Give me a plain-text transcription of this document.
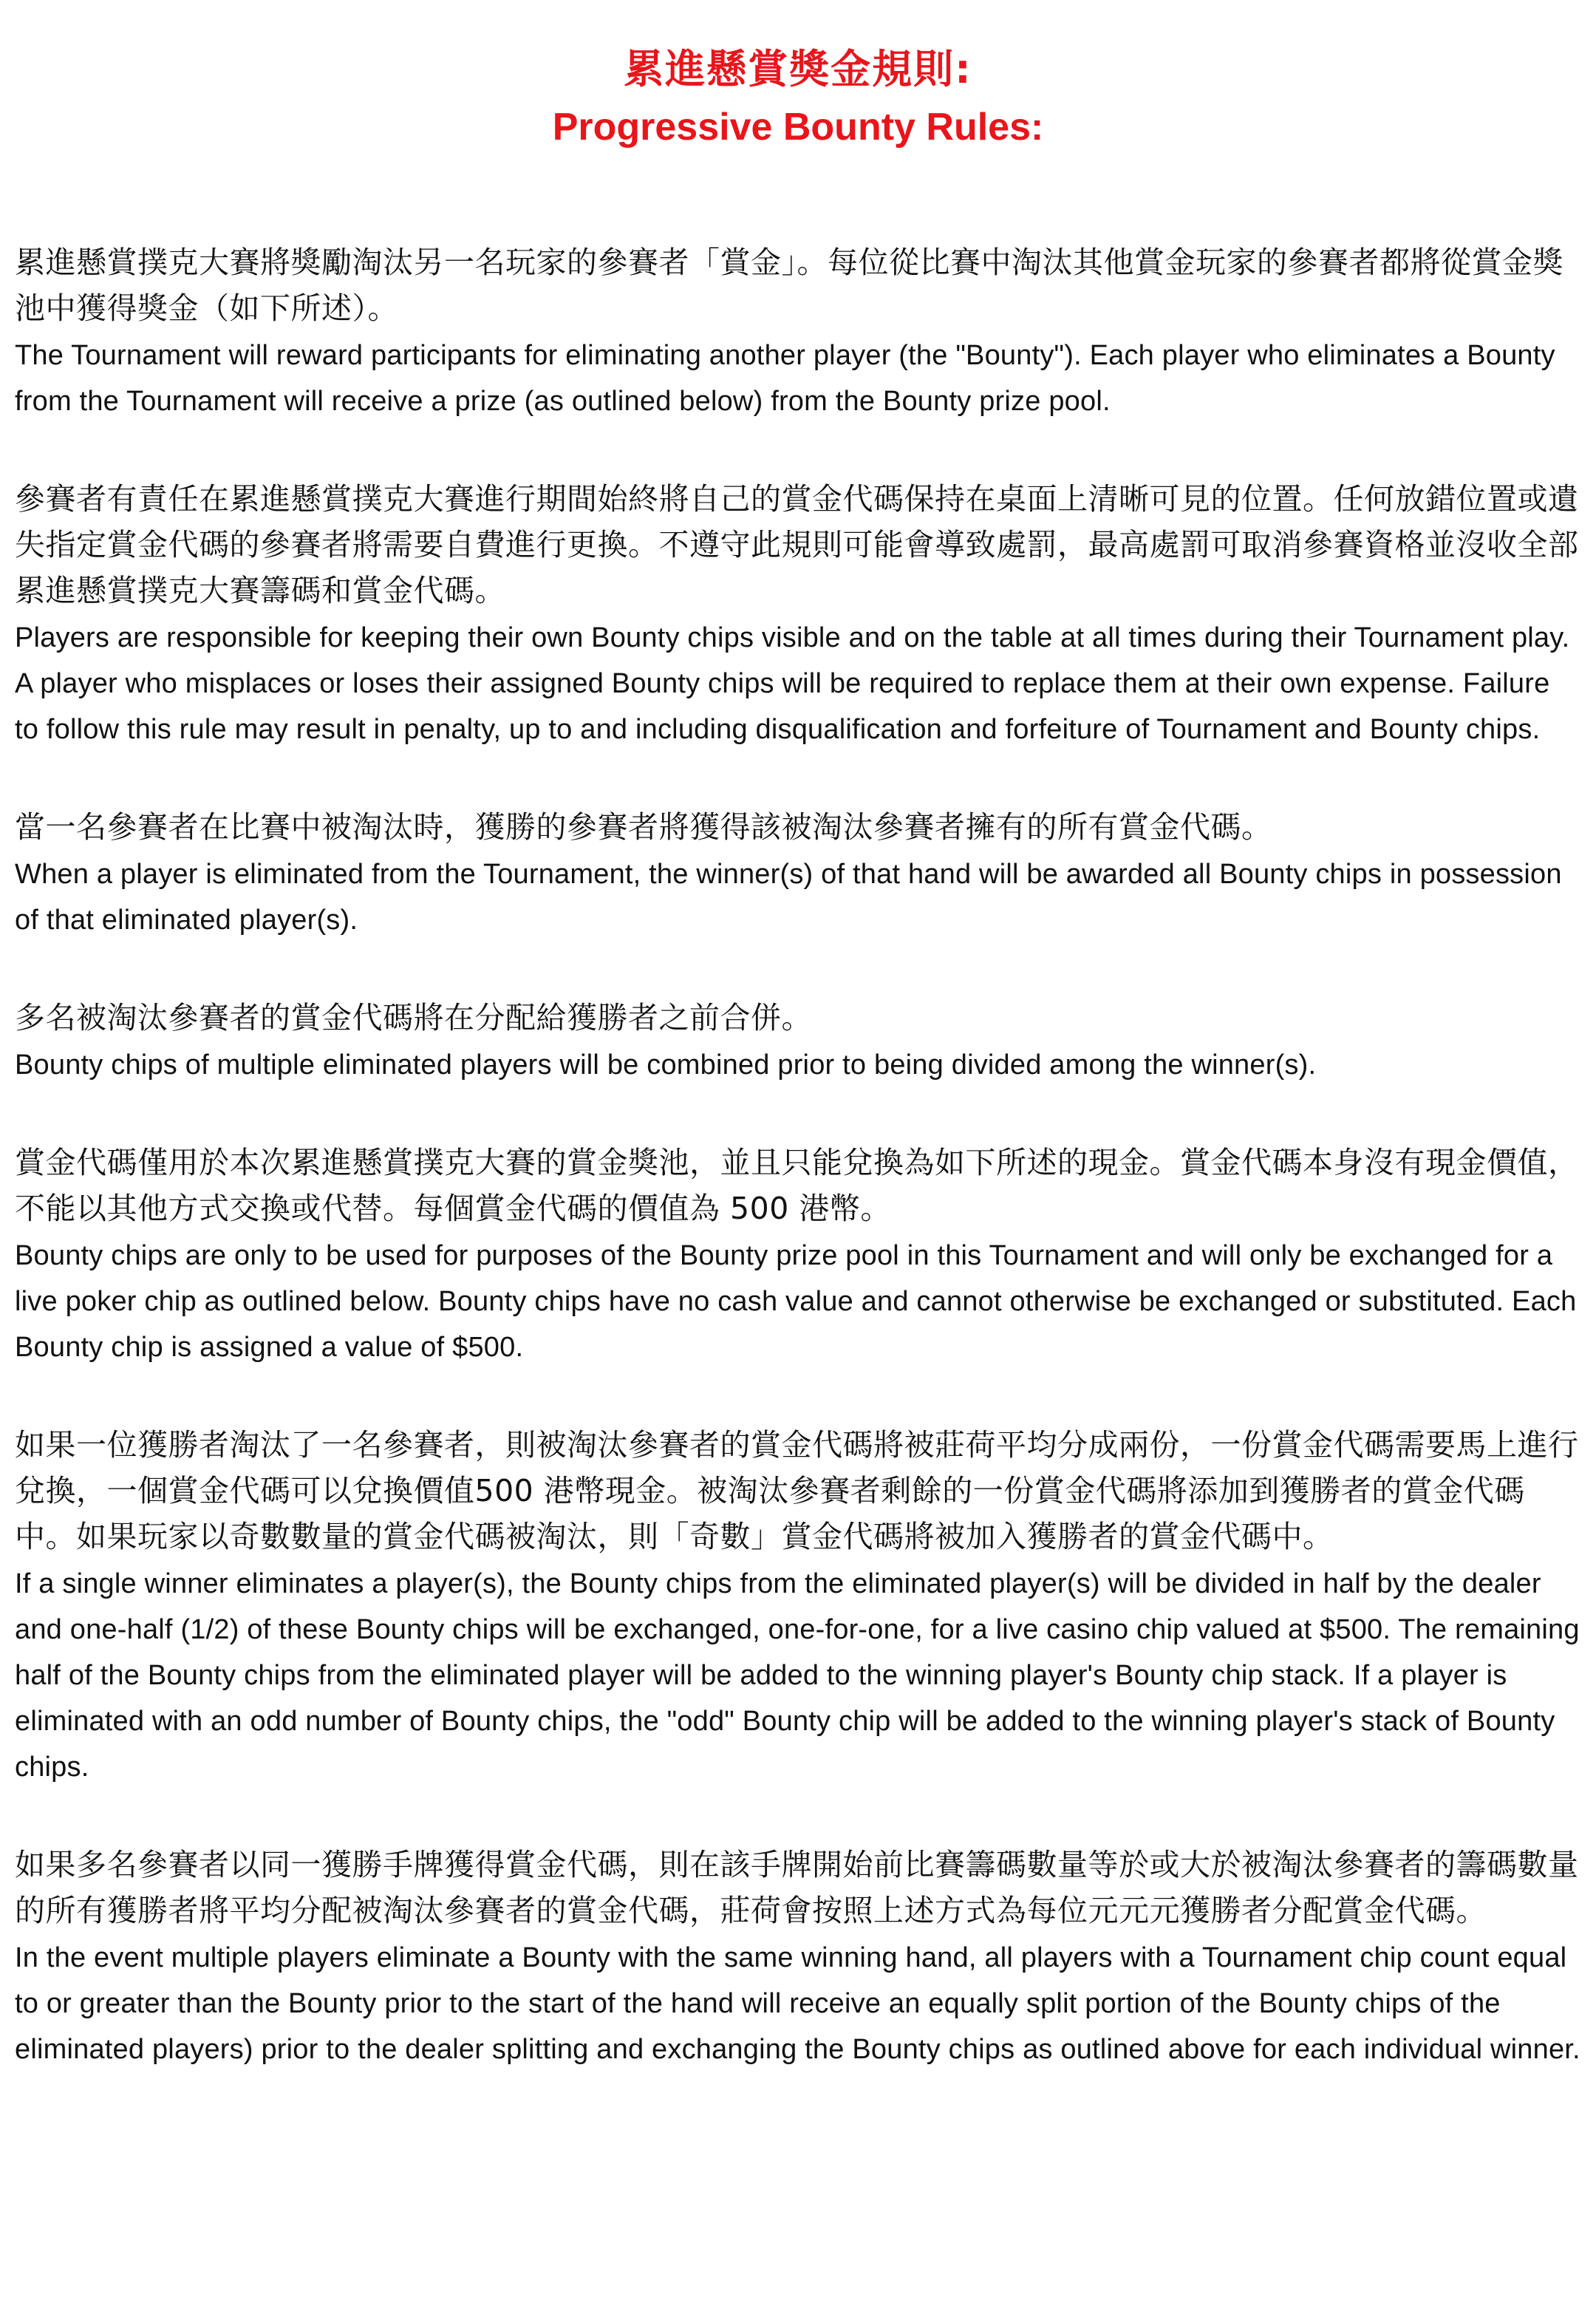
累進懸賞獎金規則:
Progressive Bounty Rules:

累進懸賞撲克大賽將獎勵淘汰另一名玩家的參賽者「賞金」。每位從比賽中淘汰其他賞金玩家的參賽者都將從賞金獎池中獲得獎金（如下所述）。

The Tournament will reward participants for eliminating another player (the "Bounty"). Each player who eliminates a Bounty from the Tournament will receive a prize (as outlined below) from the Bounty prize pool.

參賽者有責任在累進懸賞撲克大賽進行期間始終將自己的賞金代碼保持在桌面上清晰可見的位置。任何放錯位置或遺失指定賞金代碼的參賽者將需要自費進行更換。不遵守此規則可能會導致處罰，最高處罰可取消參賽資格並沒收全部累進懸賞撲克大賽籌碼和賞金代碼。

Players are responsible for keeping their own Bounty chips visible and on the table at all times during their Tournament play. A player who misplaces or loses their assigned Bounty chips will be required to replace them at their own expense. Failure to follow this rule may result in penalty, up to and including disqualification and forfeiture of Tournament and Bounty chips.

當一名參賽者在比賽中被淘汰時，獲勝的參賽者將獲得該被淘汰參賽者擁有的所有賞金代碼。

When a player is eliminated from the Tournament, the winner(s) of that hand will be awarded all Bounty chips in possession of that eliminated player(s).

多名被淘汰參賽者的賞金代碼將在分配給獲勝者之前合併。

Bounty chips of multiple eliminated players will be combined prior to being divided among the winner(s).

賞金代碼僅用於本次累進懸賞撲克大賽的賞金獎池，並且只能兌換為如下所述的現金。賞金代碼本身沒有現金價值，不能以其他方式交換或代替。每個賞金代碼的價值為 500 港幣。

Bounty chips are only to be used for purposes of the Bounty prize pool in this Tournament and will only be exchanged for a live poker chip as outlined below. Bounty chips have no cash value and cannot otherwise be exchanged or substituted. Each Bounty chip is assigned a value of $500.

如果一位獲勝者淘汰了一名參賽者，則被淘汰參賽者的賞金代碼將被莊荷平均分成兩份，一份賞金代碼需要馬上進行兌換，一個賞金代碼可以兌換價值500 港幣現金。被淘汰參賽者剩餘的一份賞金代碼將添加到獲勝者的賞金代碼中。如果玩家以奇數數量的賞金代碼被淘汰，則「奇數」賞金代碼將被加入獲勝者的賞金代碼中。

If a single winner eliminates a player(s), the Bounty chips from the eliminated player(s) will be divided in half by the dealer and one-half (1/2) of these Bounty chips will be exchanged, one-for-one, for a live casino chip valued at $500. The remaining half of the Bounty chips from the eliminated player will be added to the winning player's Bounty chip stack. If a player is eliminated with an odd number of Bounty chips, the "odd" Bounty chip will be added to the winning player's stack of Bounty chips.

如果多名參賽者以同一獲勝手牌獲得賞金代碼，則在該手牌開始前比賽籌碼數量等於或大於被淘汰參賽者的籌碼數量的所有獲勝者將平均分配被淘汰參賽者的賞金代碼，莊荷會按照上述方式為每位元元元獲勝者分配賞金代碼。

In the event multiple players eliminate a Bounty with the same winning hand, all players with a Tournament chip count equal to or greater than the Bounty prior to the start of the hand will receive an equally split portion of the Bounty chips of the eliminated players) prior to the dealer splitting and exchanging the Bounty chips as outlined above for each individual winner.
